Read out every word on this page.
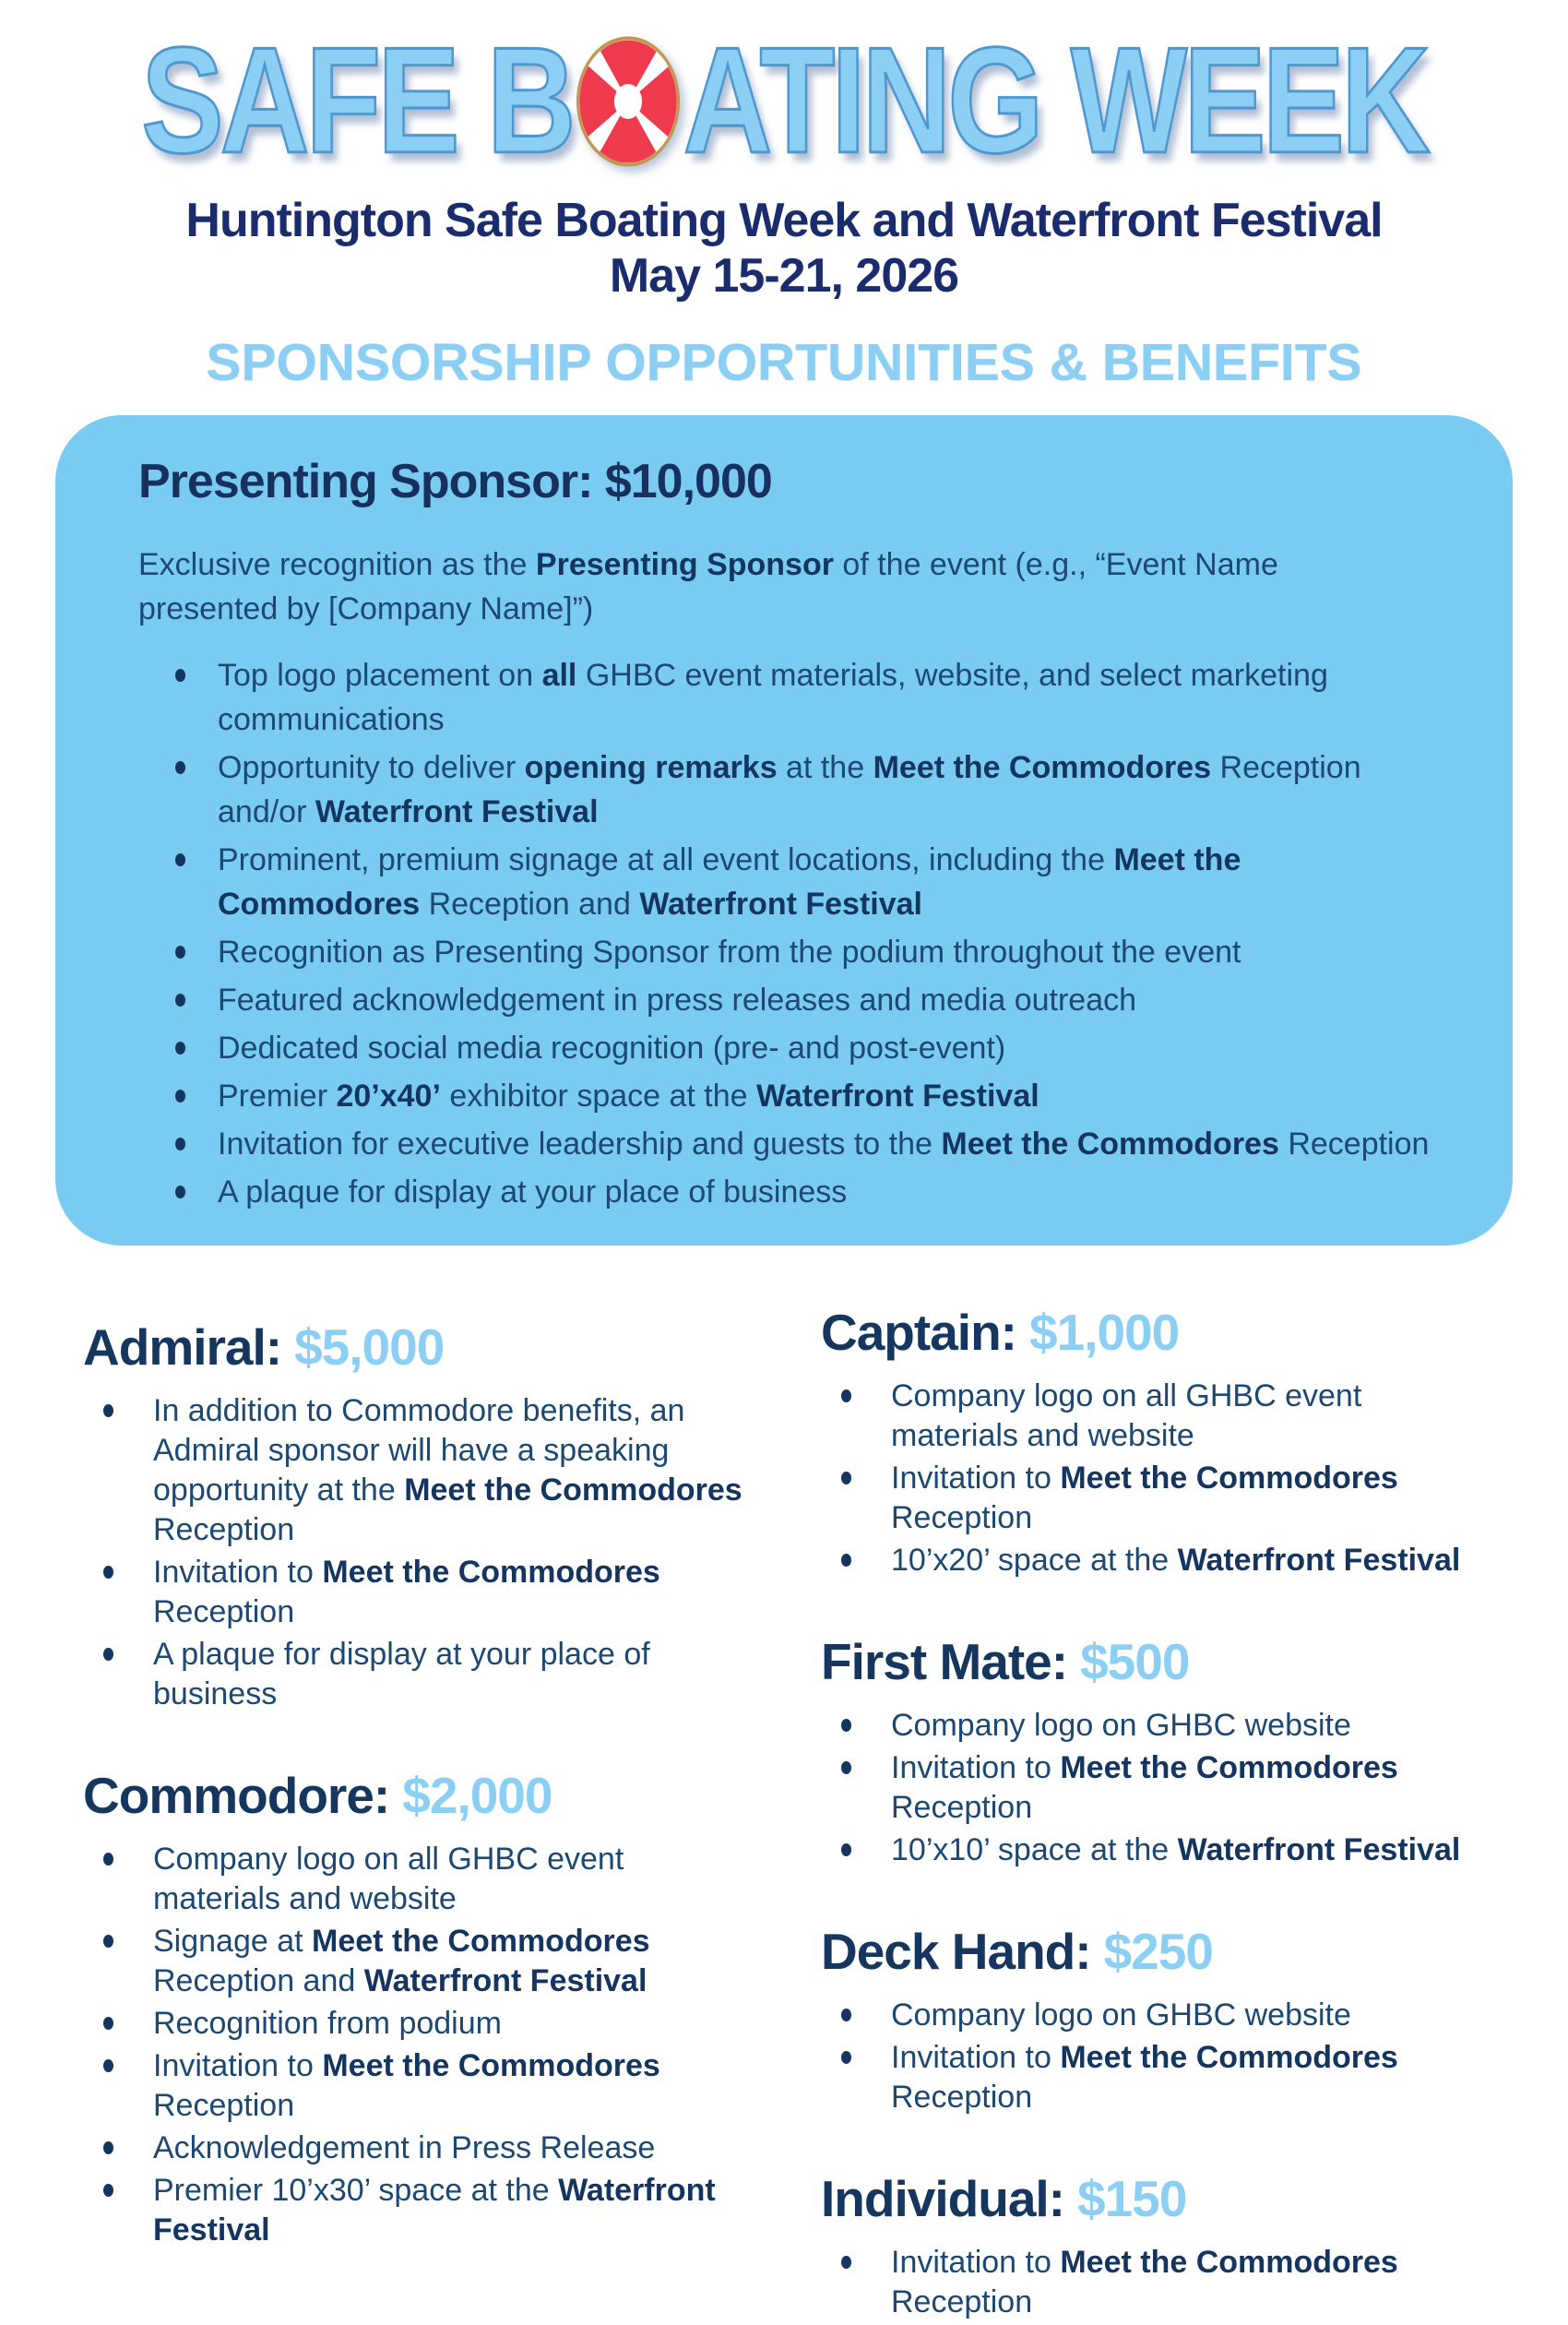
SAFE B ATING WEEK
Huntington Safe Boating Week and Waterfront Festival
May 15-21, 2026
SPONSORSHIP OPPORTUNITIES & BENEFITS
Presenting Sponsor: $10,000

Exclusive recognition as the Presenting Sponsor of the event (e.g., “Event Name presented by [Company Name]”)

Top logo placement on all GHBC event materials, website, and select marketing communications
Opportunity to deliver opening remarks at the Meet the Commodores Reception and/or Waterfront Festival
Prominent, premium signage at all event locations, including the Meet the Commodores Reception and Waterfront Festival
Recognition as Presenting Sponsor from the podium throughout the event
Featured acknowledgement in press releases and media outreach
Dedicated social media recognition (pre- and post-event)
Premier 20’x40’ exhibitor space at the Waterfront Festival
Invitation for executive leadership and guests to the Meet the Commodores Reception
A plaque for display at your place of business
Admiral: $5,000
In addition to Commodore benefits, an Admiral sponsor will have a speaking opportunity at the Meet the Commodores Reception
Invitation to Meet the Commodores Reception
A plaque for display at your place of business
Commodore: $2,000
Company logo on all GHBC event materials and website
Signage at Meet the Commodores Reception and Waterfront Festival
Recognition from podium
Invitation to Meet the Commodores Reception
Acknowledgement in Press Release
Premier 10’x30’ space at the Waterfront Festival
Captain: $1,000
Company logo on all GHBC event materials and website
Invitation to Meet the Commodores Reception
10’x20’ space at the Waterfront Festival
First Mate: $500
Company logo on GHBC website
Invitation to Meet the Commodores Reception
10’x10’ space at the Waterfront Festival
Deck Hand: $250
Company logo on GHBC website
Invitation to Meet the Commodores Reception
Individual: $150
Invitation to Meet the Commodores Reception
